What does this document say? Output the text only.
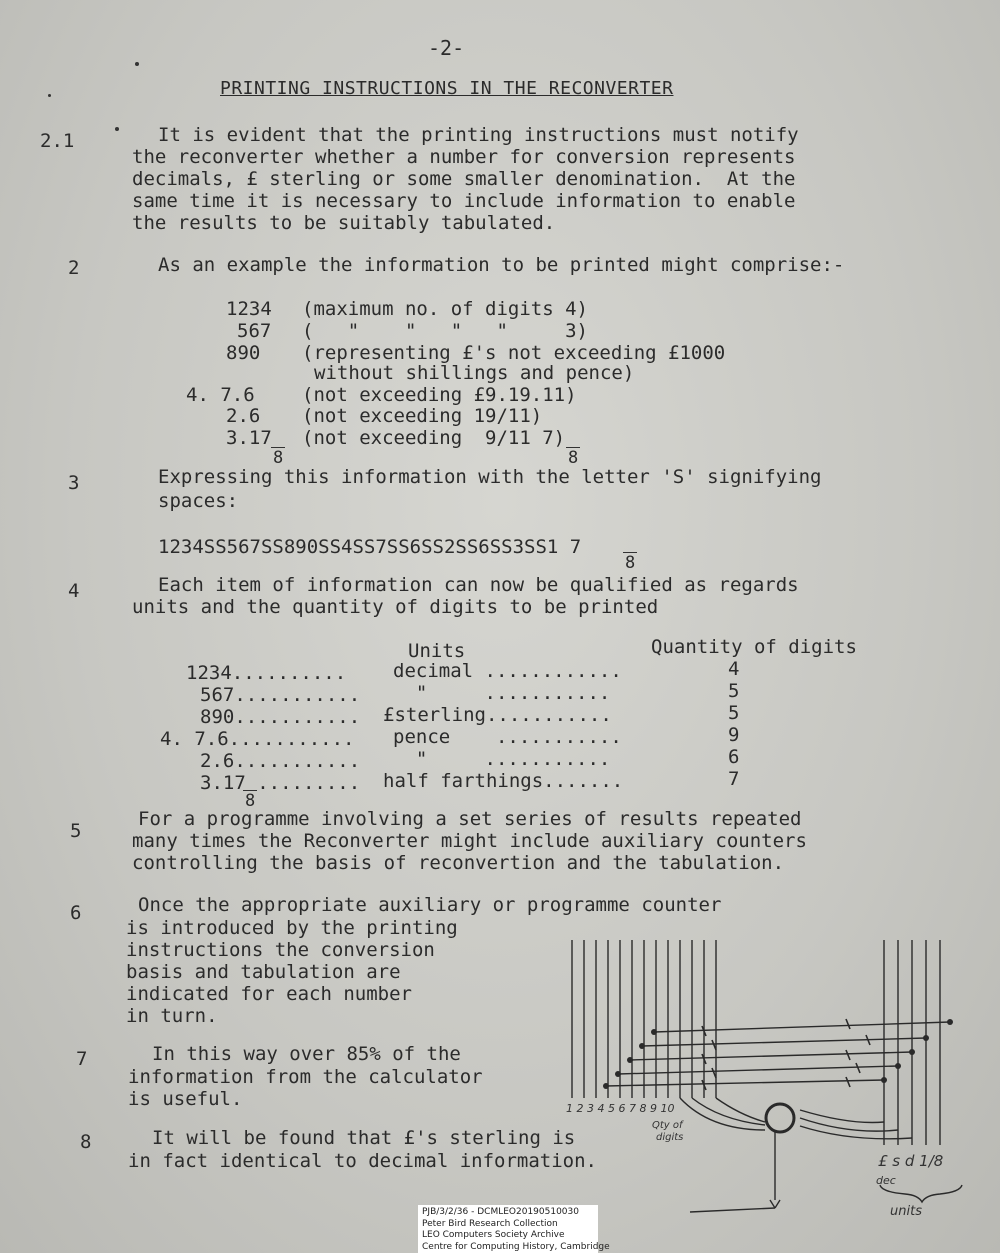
-2-
PRINTING INSTRUCTIONS IN THE RECONVERTER
2.1	It is evident that the printing instructions must notify
the reconverter whether a number for conversion represents
decimals, £ sterling or some smaller denomination.  At the
same time it is necessary to include information to enable
the results to be suitably tabulated.
2	As an example the information to be printed might comprise:-
1234 (maximum no. of digits 4)
567 (   "    "   "   "     3)
890 (representing £'s not exceeding £1000
without shillings and pence)
4. 7.6 (not exceeding £9.19.11)
2.6 (not exceeding 19/11)
3.17 (not exceeding  9/11 7)
8	8
3	Expressing this information with the letter 'S' signifying
spaces:
1234SS567SS890SS4SS7SS6SS2SS6SS3SS1 7
8
4	Each item of information can now be qualified as regards
units and the quantity of digits to be printed
Units	Quantity of digits
1234.......... decimal ............	4
567........... "     ...........	5
890........... £sterling...........	5
4. 7.6........... pence    ...........	9
2.6........... "     ...........	6
3.17 ......... half farthings.......	7
8
5
For a programme involving a set series of results repeated
many times the Reconverter might include auxiliary counters
controlling the basis of reconvertion and the tabulation.
6	Once the appropriate auxiliary or programme counter
is introduced by the printing
instructions the conversion
basis and tabulation are
indicated for each number
in turn.
7	In this way over 85% of the
information from the calculator
is useful.
8	It will be found that £'s sterling is
in fact identical to decimal information.
1 2 3 4 5 6 7 8 9 10
Qty of
digits
£ s d 1/8
dec
units
PJB/3/2/36 - DCMLEO20190510030
Peter Bird Research Collection
LEO Computers Society Archive
Centre for Computing History, Cambridge
